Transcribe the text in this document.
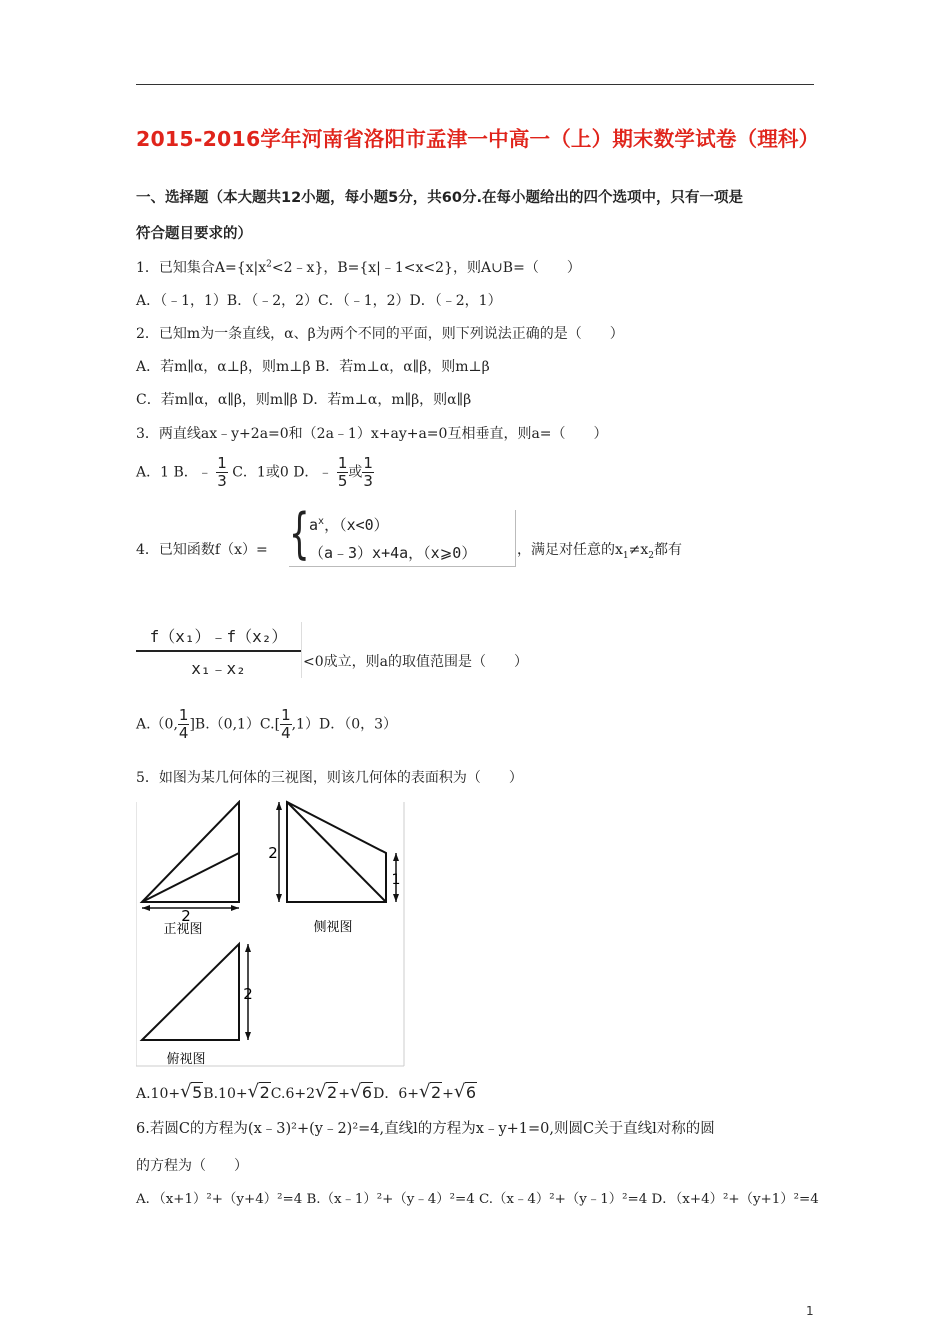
2015-2016学年河南省洛阳市孟津一中高一（上）期末数学试卷（理科）
一、选择题（本大题共12小题，每小题5分，共60分.在每小题给出的四个选项中，只有一项是
符合题目要求的）
1．已知集合$A=\{x|x^2<2﹣x\}$，B={x|﹣1<x<2}，则A∪B=（　　）
A．（﹣1，1）B．（﹣2，2）C．（﹣1，2）D．（﹣2，1）
2．已知m为一条直线，α、β为两个不同的平面，则下列说法正确的是（　　）
A．若m∥α，α⊥β，则m⊥β B．若m⊥α，α∥β，则m⊥β
C．若m∥α，α∥β，则m∥β D．若m⊥α，m∥β，则α∥β
3．两直线ax﹣y+2a=0和（2a﹣1）x+ay+a=0互相垂直，则a=（　　）
A．1 B．﹣ $\frac{1}{3}$ C．1或0 D．﹣ $\frac{1}{5}$ 或 $\frac{1}{3}$
4．已知函数f（x）= { $a^x$，（x<0）
（a﹣3）x+4a，（x⩾0）	，满足对任意的$x_1\ne x_2$都有
f（x₁）﹣f（x₂）
x₁﹣x₂	<0成立，则a的取值范围是（　　）
A.（0, $\frac{1}{4} ]B.(0,1)C.[ \frac{1}{4} ,1)D$．（0，3）
5．如图为某几何体的三视图，则该几何体的表面积为（　　）
2
正视图
2
1
侧视图
2
俯视图
A.10+ √ 5B.10+ √ 2C.6+2 √ 2+ √ 6D．6+ √ 2+ √ 6
6.若圆C的方程为(x﹣3)²+(y﹣2)²=4,直线l的方程为x﹣y+1=0,则圆C关于直线l对称的圆
的方程为（　　）
A．（x+1）²+（y+4）²=4 B.（x﹣1）²+（y﹣4）²=4 C.（x﹣4）²+（y﹣1）²=4 D．（x+4）²+（y+1）²=4
1
